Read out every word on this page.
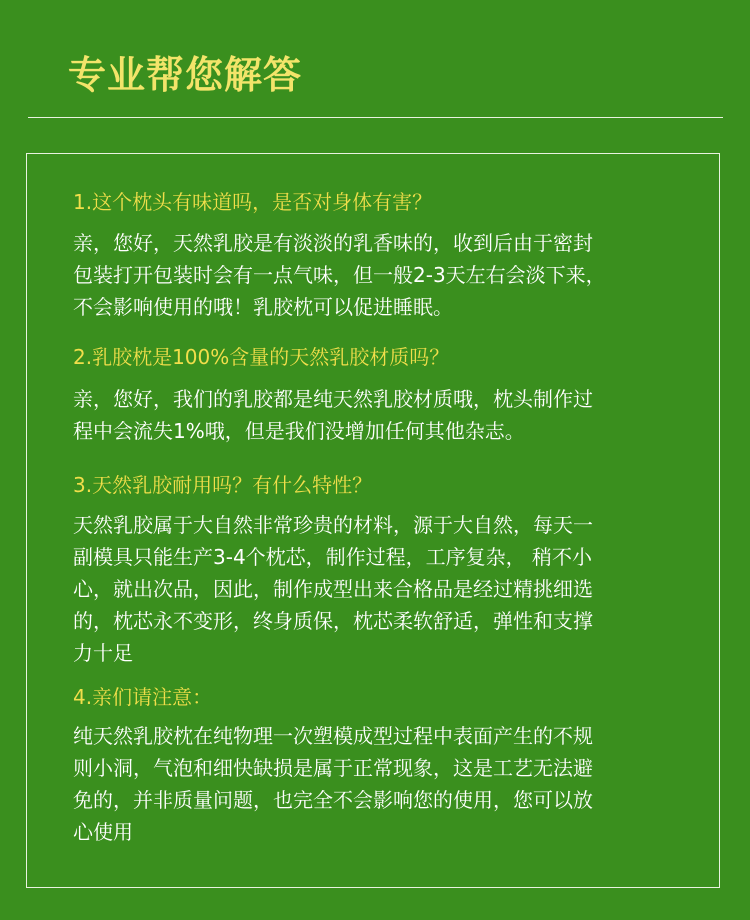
专业帮您解答
1.这个枕头有味道吗，是否对身体有害？
亲，您好，天然乳胶是有淡淡的乳香味的，收到后由于密封
包装打开包装时会有一点气味，但一般2-3天左右会淡下来，
不会影响使用的哦！乳胶枕可以促进睡眠。
2.乳胶枕是100%含量的天然乳胶材质吗？
亲，您好，我们的乳胶都是纯天然乳胶材质哦，枕头制作过
程中会流失1%哦，但是我们没增加任何其他杂志。
3.天然乳胶耐用吗？有什么特性？
天然乳胶属于大自然非常珍贵的材料，源于大自然，每天一
副模具只能生产3-4个枕芯，制作过程，工序复杂， 稍不小
心，就出次品，因此，制作成型出来合格品是经过精挑细选
的，枕芯永不变形，终身质保，枕芯柔软舒适，弹性和支撑
力十足
4.亲们请注意：
纯天然乳胶枕在纯物理一次塑模成型过程中表面产生的不规
则小洞，气泡和细快缺损是属于正常现象，这是工艺无法避
免的，并非质量问题，也完全不会影响您的使用，您可以放
心使用
